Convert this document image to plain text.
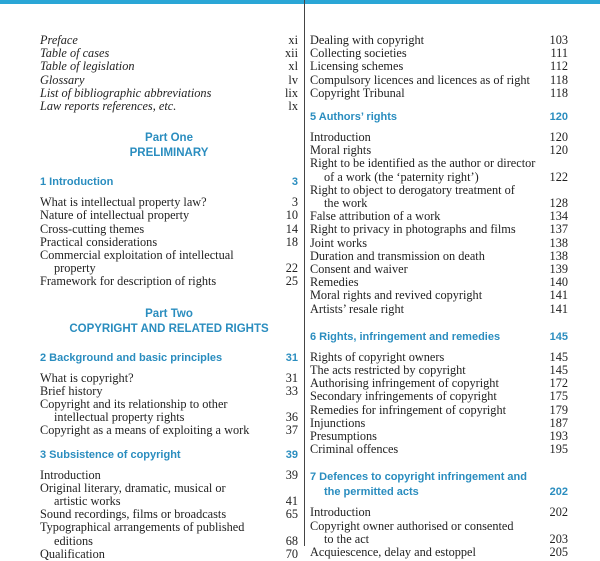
Preface	xi
Table of cases	xii
Table of legislation	xl
Glossary	lv
List of bibliographic abbreviations	lix
Law reports references, etc.	lx
Part One
PRELIMINARY
1 Introduction	3
What is intellectual property law?	3
Nature of intellectual property	10
Cross-cutting themes	14
Practical considerations	18
Commercial exploitation of intellectual
property	22
Framework for description of rights	25
Part Two
COPYRIGHT AND RELATED RIGHTS
2 Background and basic principles	31
What is copyright?	31
Brief history	33
Copyright and its relationship to other
intellectual property rights	36
Copyright as a means of exploiting a work	37
3 Subsistence of copyright	39
Introduction	39
Original literary, dramatic, musical or
artistic works	41
Sound recordings, films or broadcasts	65
Typographical arrangements of published
editions	68
Qualification	70
Dealing with copyright	103
Collecting societies	111
Licensing schemes	112
Compulsory licences and licences as of right	118
Copyright Tribunal	118
5 Authors’ rights	120
Introduction	120
Moral rights	120
Right to be identified as the author or director
of a work (the ‘paternity right’)	122
Right to object to derogatory treatment of
the work	128
False attribution of a work	134
Right to privacy in photographs and films	137
Joint works	138
Duration and transmission on death	138
Consent and waiver	139
Remedies	140
Moral rights and revived copyright	141
Artists’ resale right	141
6 Rights, infringement and remedies	145
Rights of copyright owners	145
The acts restricted by copyright	145
Authorising infringement of copyright	172
Secondary infringements of copyright	175
Remedies for infringement of copyright	179
Injunctions	187
Presumptions	193
Criminal offences	195
7 Defences to copyright infringement and
the permitted acts	202
Introduction	202
Copyright owner authorised or consented
to the act	203
Acquiescence, delay and estoppel	205
